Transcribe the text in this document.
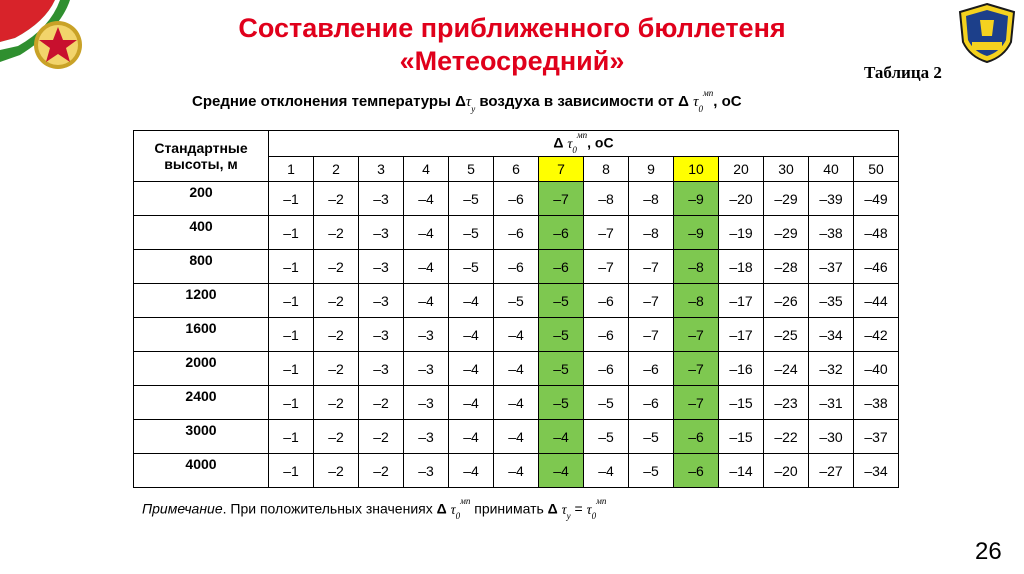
Составление приближенного бюллетеня
«Метеосредний»	Таблица 2
Средние отклонения температуры $\Delta\tau_у$ воздуха в зависимости от Δ $\tau_0^{мп}$, оС
Стандартные
высоты, м	Δ $\tau_0^{мп}$, оС													
	1	2	3	4	5	6	7	8	9	10	20	30	40	50
200	–1	–2	–3	–4	–5	–6	–7	–8	–8	–9	–20	–29	–39	–49
400	–1	–2	–3	–4	–5	–6	–6	–7	–8	–9	–19	–29	–38	–48
800	–1	–2	–3	–4	–5	–6	–6	–7	–7	–8	–18	–28	–37	–46
1200	–1	–2	–3	–4	–4	–5	–5	–6	–7	–8	–17	–26	–35	–44
1600	–1	–2	–3	–3	–4	–4	–5	–6	–7	–7	–17	–25	–34	–42
2000	–1	–2	–3	–3	–4	–4	–5	–6	–6	–7	–16	–24	–32	–40
2400	–1	–2	–2	–3	–4	–4	–5	–5	–6	–7	–15	–23	–31	–38
3000	–1	–2	–2	–3	–4	–4	–4	–5	–5	–6	–15	–22	–30	–37
4000	–1	–2	–2	–3	–4	–4	–4	–4	–5	–6	–14	–20	–27	–34
Примечание. При положительных значениях Δ $\tau_0^{мп}$ принимать Δ $\tau_у = \tau_0^{мп}$
26
